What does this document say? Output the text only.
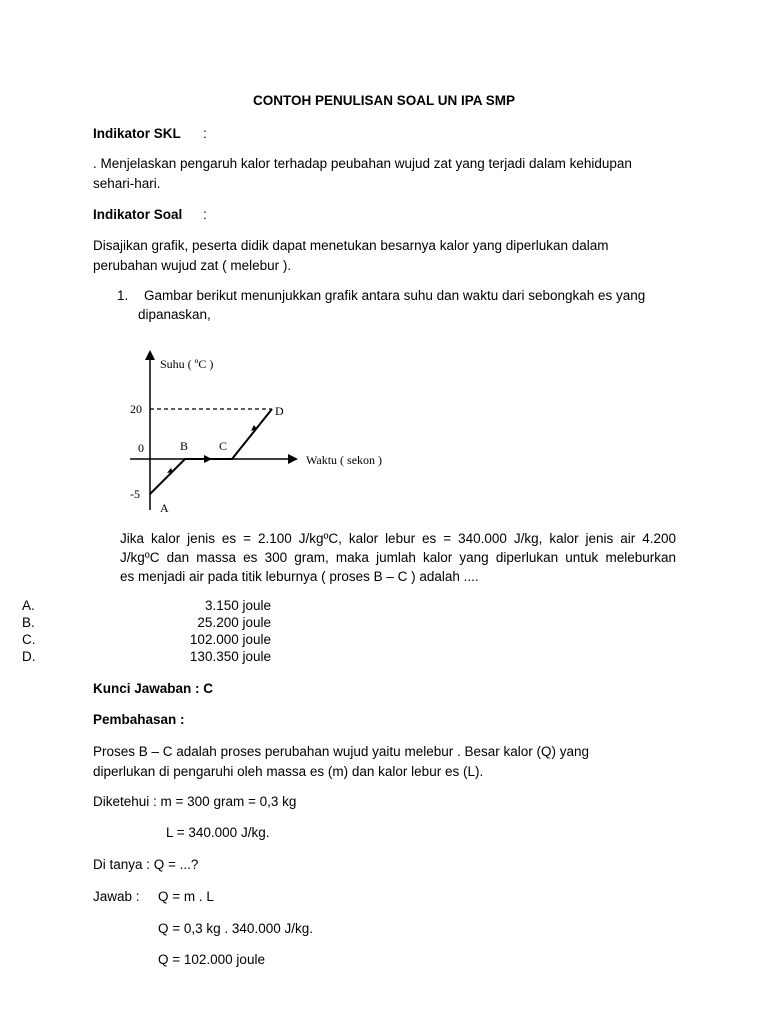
CONTOH PENULISAN SOAL UN IPA SMP
Indikator SKL :
. Menjelaskan pengaruh kalor terhadap peubahan wujud zat yang terjadi dalam kehidupan
sehari-hari.
Indikator Soal :
Disajikan grafik, peserta didik dapat menetukan besarnya kalor yang diperlukan dalam
perubahan wujud zat ( melebur ).
1. Gambar berikut menunjukkan grafik antara suhu dan waktu dari sebongkah es yang
dipanaskan,
Suhu ( ºC )
Waktu ( sekon )
20
0
-5
A
B	C
D
Jika kalor jenis es = 2.100 J/kgºC, kalor lebur es = 340.000 J/kg, kalor jenis air 4.200
J/kgºC dan massa es 300 gram, maka jumlah kalor yang diperlukan untuk meleburkan
es menjadi air pada titik leburnya ( proses B – C ) adalah ....
A.	3.150 joule
B.	25.200 joule
C.	102.000 joule
D.	130.350 joule
Kunci Jawaban : C
Pembahasan :
Proses B – C adalah proses perubahan wujud yaitu melebur . Besar kalor (Q) yang
diperlukan di pengaruhi oleh massa es (m) dan kalor lebur es (L).
Diketehui : m = 300 gram = 0,3 kg
L = 340.000 J/kg.
Di tanya : Q = ...?
Jawab : Q = m . L
Q = 0,3 kg . 340.000 J/kg.
Q = 102.000 joule
